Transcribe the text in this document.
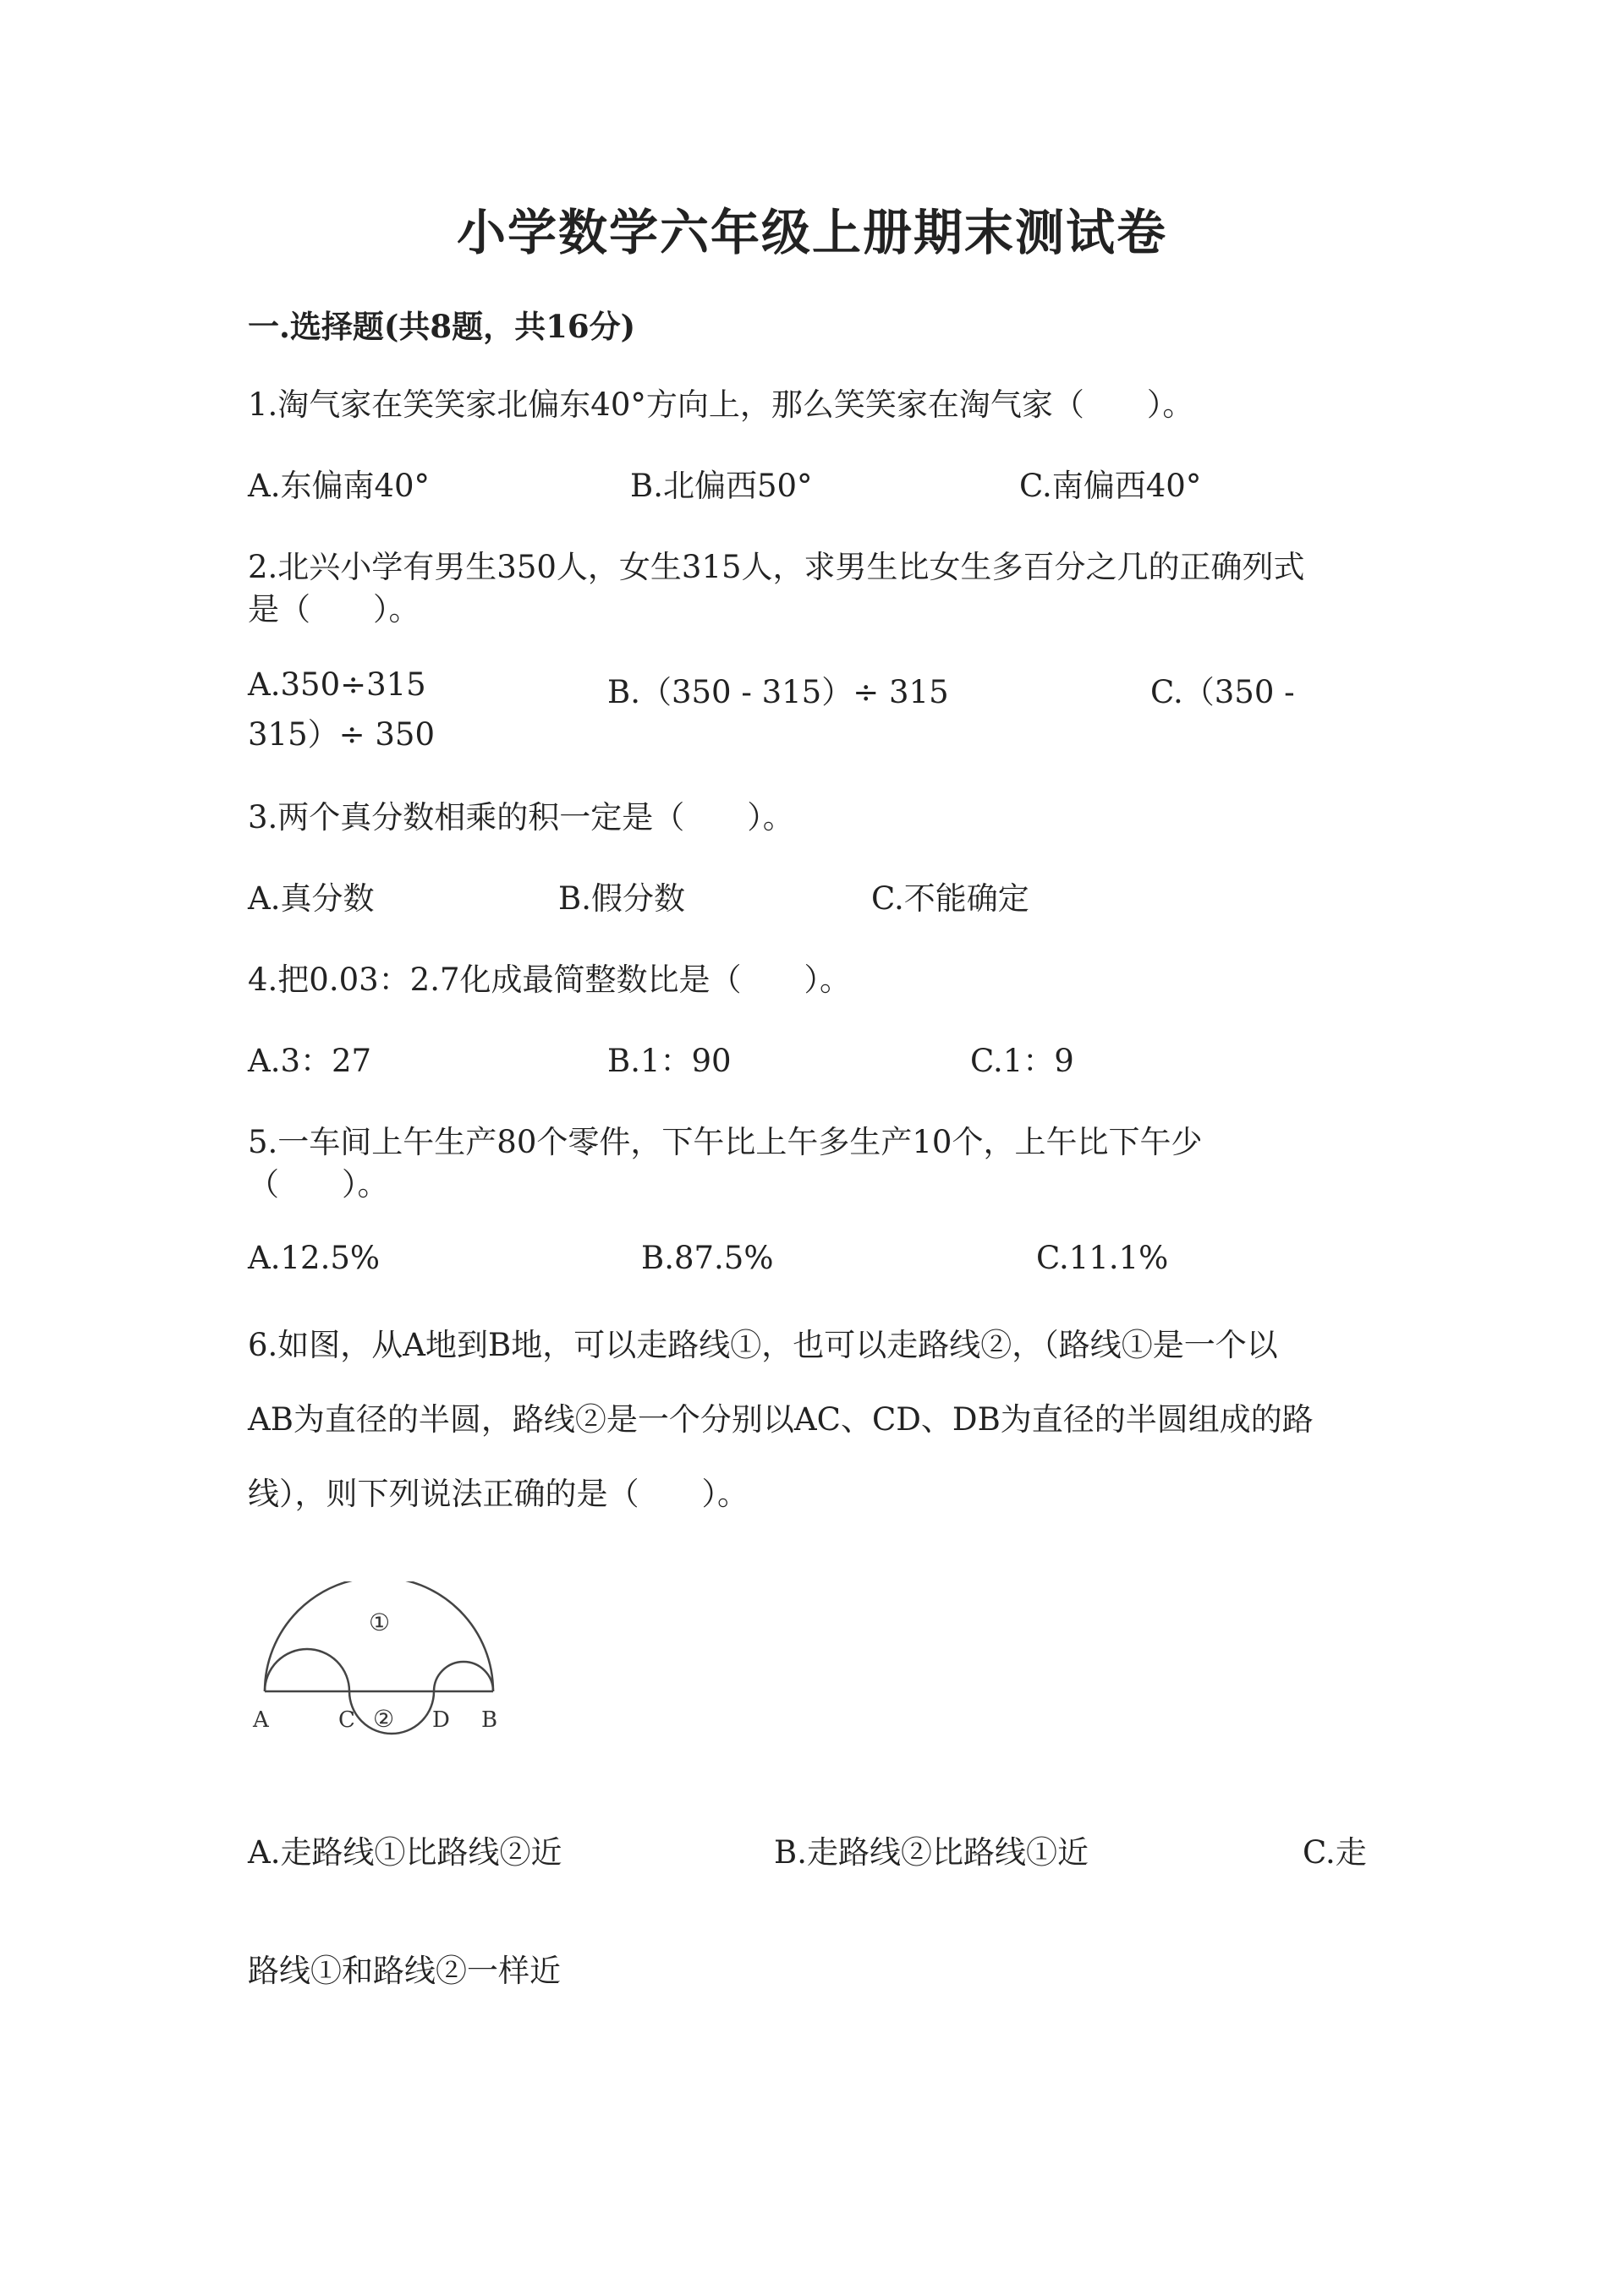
小学数学六年级上册期末测试卷
一.选择题(共8题，共16分)
1.淘气家在笑笑家北偏东40°方向上，那么笑笑家在淘气家（　　）。
A.东偏南40°	B.北偏西50°	C.南偏西40°
2.北兴小学有男生350人，女生315人，求男生比女生多百分之几的正确列式
是（　　）。
A.350÷315	B.（350 - 315）÷ 315	C.（350 -
315）÷ 350
3.两个真分数相乘的积一定是（　　）。
A.真分数	B.假分数	C.不能确定
4.把0.03：2.7化成最简整数比是（　　）。
A.3：27	B.1：90	C.1：9
5.一车间上午生产80个零件，下午比上午多生产10个，上午比下午少
（　　）。
A.12.5%	B.87.5%	C.11.1%
6.如图，从A地到B地，可以走路线①，也可以走路线②，（路线①是一个以
AB为直径的半圆，路线②是一个分别以AC、CD、DB为直径的半圆组成的路
线），则下列说法正确的是（　　）。
①
②
A	C	D B
A.走路线①比路线②近	B.走路线②比路线①近	C.走
路线①和路线②一样近
